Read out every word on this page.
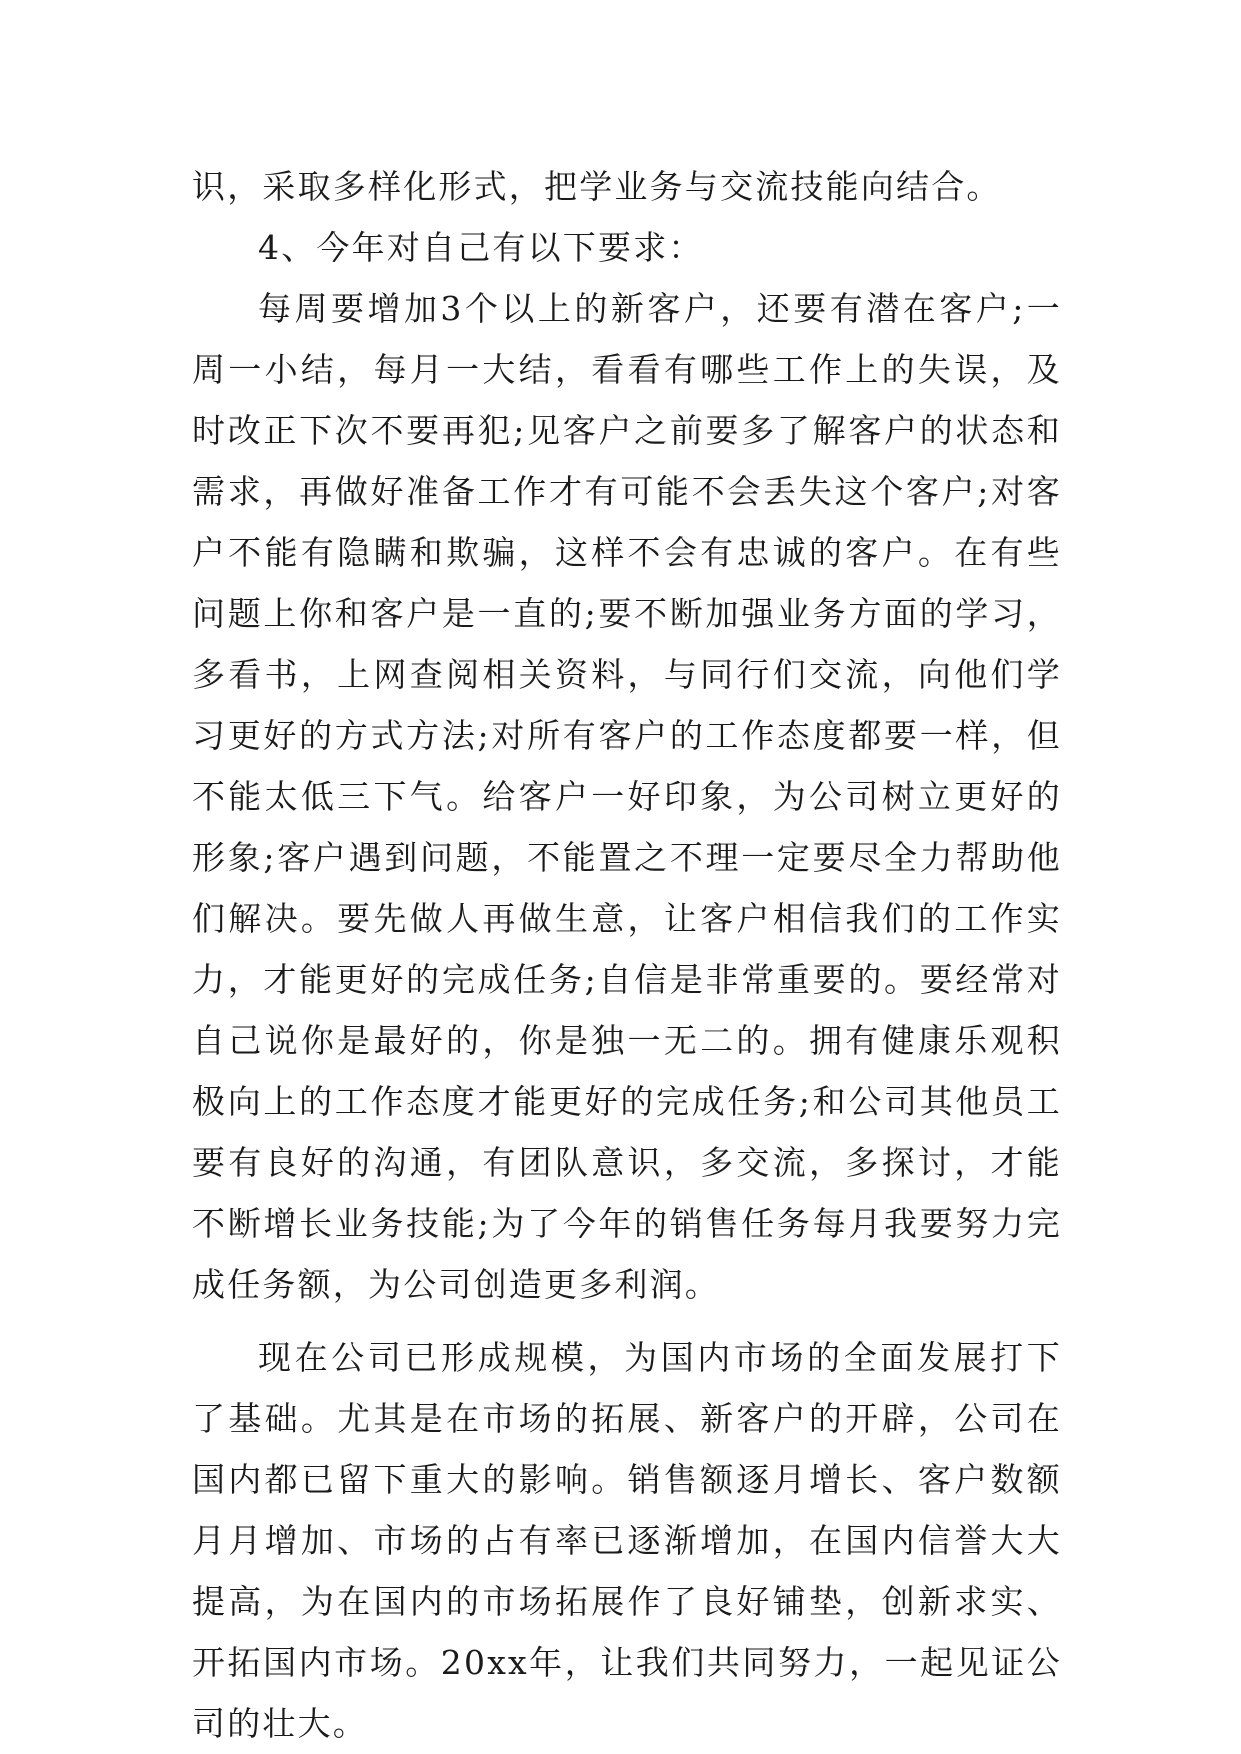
识，采取多样化形式，把学业务与交流技能向结合。

4、今年对自己有以下要求：

每周要增加3个以上的新客户，还要有潜在客户;一周一小结，每月一大结，看看有哪些工作上的失误，及时改正下次不要再犯;见客户之前要多了解客户的状态和需求，再做好准备工作才有可能不会丢失这个客户;对客户不能有隐瞒和欺骗，这样不会有忠诚的客户。在有些问题上你和客户是一直的;要不断加强业务方面的学习，多看书，上网查阅相关资料，与同行们交流，向他们学习更好的方式方法;对所有客户的工作态度都要一样，但不能太低三下气。给客户一好印象，为公司树立更好的形象;客户遇到问题，不能置之不理一定要尽全力帮助他们解决。要先做人再做生意，让客户相信我们的工作实力，才能更好的完成任务;自信是非常重要的。要经常对自己说你是最好的，你是独一无二的。拥有健康乐观积极向上的工作态度才能更好的完成任务;和公司其他员工要有良好的沟通，有团队意识，多交流，多探讨，才能不断增长业务技能;为了今年的销售任务每月我要努力完成任务额，为公司创造更多利润。

现在公司已形成规模，为国内市场的全面发展打下了基础。尤其是在市场的拓展、新客户的开辟，公司在国内都已留下重大的影响。销售额逐月增长、客户数额月月增加、市场的占有率已逐渐增加，在国内信誉大大提高，为在国内的市场拓展作了良好铺垫，创新求实、开拓国内市场。20xx年，让我们共同努力，一起见证公司的壮大。
